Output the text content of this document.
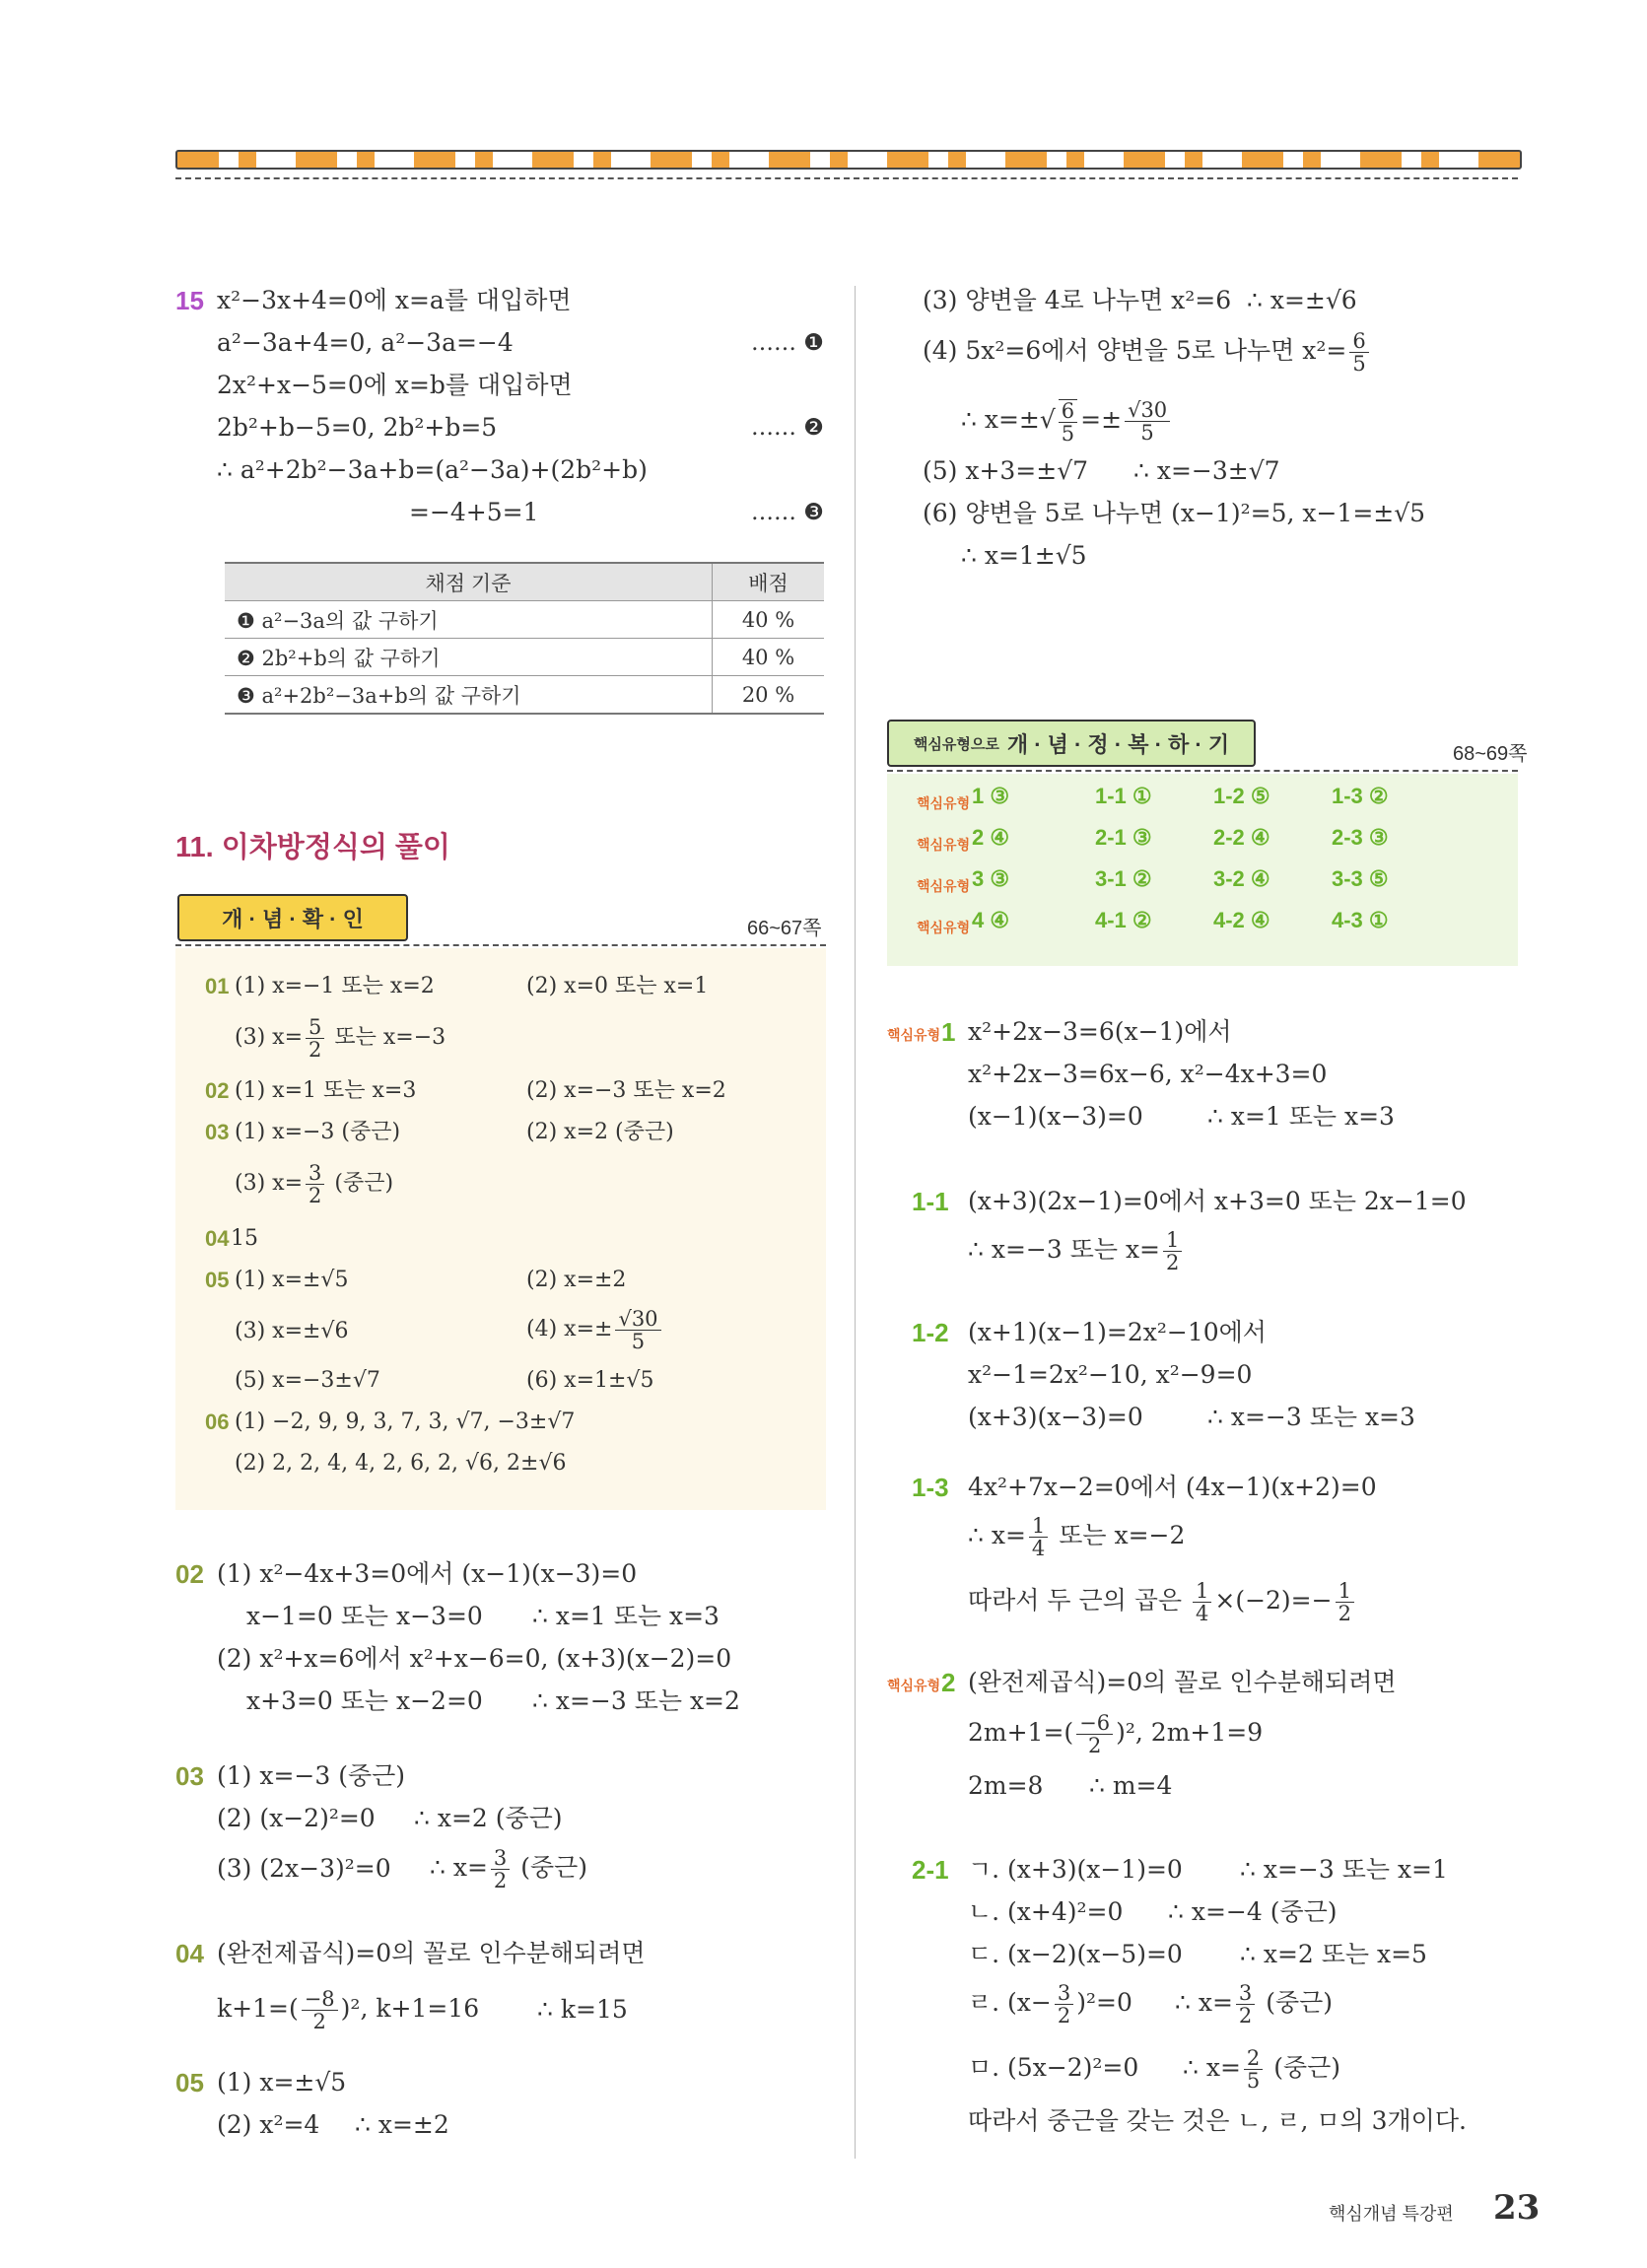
15 x²−3x+4=0에 x=a를 대입하면
a²−3a+4=0, a²−3a=−4	…… ❶
2x²+x−5=0에 x=b를 대입하면
2b²+b−5=0, 2b²+b=5	…… ❷
∴ a²+2b²−3a+b=(a²−3a)+(2b²+b)
=−4+5=1	…… ❸
채점 기준	배점
❶ a²−3a의 값 구하기	40 %
❷ 2b²+b의 값 구하기	40 %
❸ a²+2b²−3a+b의 값 구하기	20 %
11. 이차방정식의 풀이
개 · 념 · 확 · 인	66~67쪽
01 (1) x=−1 또는 x=2	(2) x=0 또는 x=1
(3) $x= \frac{5}{2}$ 또는 x=−3
02 (1) x=1 또는 x=3	(2) x=−3 또는 x=2
03 (1) x=−3 (중근)	(2) x=2 (중근)
(3) $x= \frac{3}{2}$ (중근)
04 15
05 (1) x=±√5	(2) x=±2
(3) x=±√6	(4) $x=\pm \frac{√30}{5}$
(5) x=−3±√7	(6) x=1±√5
06 (1) −2, 9, 9, 3, 7, 3, √7, −3±√7
(2) 2, 2, 4, 4, 2, 6, 2, √6, 2±√6
02 (1) x²−4x+3=0에서 (x−1)(x−3)=0
x−1=0 또는 x−3=0 ∴ x=1 또는 x=3
(2) x²+x=6에서 x²+x−6=0, (x+3)(x−2)=0
x+3=0 또는 x−2=0 ∴ x=−3 또는 x=2
03 (1) x=−3 (중근)
(2) (x−2)²=0 ∴ x=2 (중근)
(3) (2x−3)²=0 ∴ $x= \frac{3}{2}$ (중근)
04 (완전제곱식)=0의 꼴로 인수분해되려면
$k+1=( \frac{-8}{2} )^2$, k+1=16 ∴ k=15
05 (1) x=±√5
(2) x²=4 ∴ x=±2
(3) 양변을 4로 나누면 x²=6 ∴ x=±√6
(4) 5x²=6에서 양변을 5로 나누면 $x^2= \frac{6}{5}$
∴ $x=\pm√ \frac{6}{5} =\pm \frac{√30}{5}$
(5) x+3=±√7 ∴ x=−3±√7
(6) 양변을 5로 나누면 (x−1)²=5, x−1=±√5
∴ x=1±√5
핵심유형으로 개 · 념 · 정 · 복 · 하 · 기	68~69쪽
핵심유형 1 ③	1-1 ①	1-2 ⑤	1-3 ②
핵심유형 2 ④	2-1 ③	2-2 ④	2-3 ③
핵심유형 3 ③	3-1 ②	3-2 ④	3-3 ⑤
핵심유형 4 ④	4-1 ②	4-2 ④	4-3 ①
핵심유형 1 x²+2x−3=6(x−1)에서
x²+2x−3=6x−6, x²−4x+3=0
(x−1)(x−3)=0	∴ x=1 또는 x=3
1-1 (x+3)(2x−1)=0에서 x+3=0 또는 2x−1=0
∴ x=−3 또는 $x= \frac{1}{2}$
1-2 (x+1)(x−1)=2x²−10에서
x²−1=2x²−10, x²−9=0
(x+3)(x−3)=0	∴ x=−3 또는 x=3
1-3 4x²+7x−2=0에서 (4x−1)(x+2)=0
∴ $x= \frac{1}{4}$ 또는 x=−2
따라서 두 근의 곱은 $\frac{1}{4} \times(-2)=- \frac{1}{2}$
핵심유형 2 (완전제곱식)=0의 꼴로 인수분해되려면
$2m+1=( \frac{-6}{2} )^2$, 2m+1=9
2m=8 ∴ m=4
2-1 ㄱ. (x+3)(x−1)=0 ∴ x=−3 또는 x=1
ㄴ. (x+4)²=0 ∴ x=−4 (중근)
ㄷ. (x−2)(x−5)=0 ∴ x=2 또는 x=5
ㄹ. $(x- \frac{3}{2} )^2=0$ ∴ $x= \frac{3}{2}$ (중근)
ㅁ. (5x−2)²=0 ∴ $x= \frac{2}{5}$ (중근)
따라서 중근을 갖는 것은 ㄴ, ㄹ, ㅁ의 3개이다.
핵심개념 특강편 23
